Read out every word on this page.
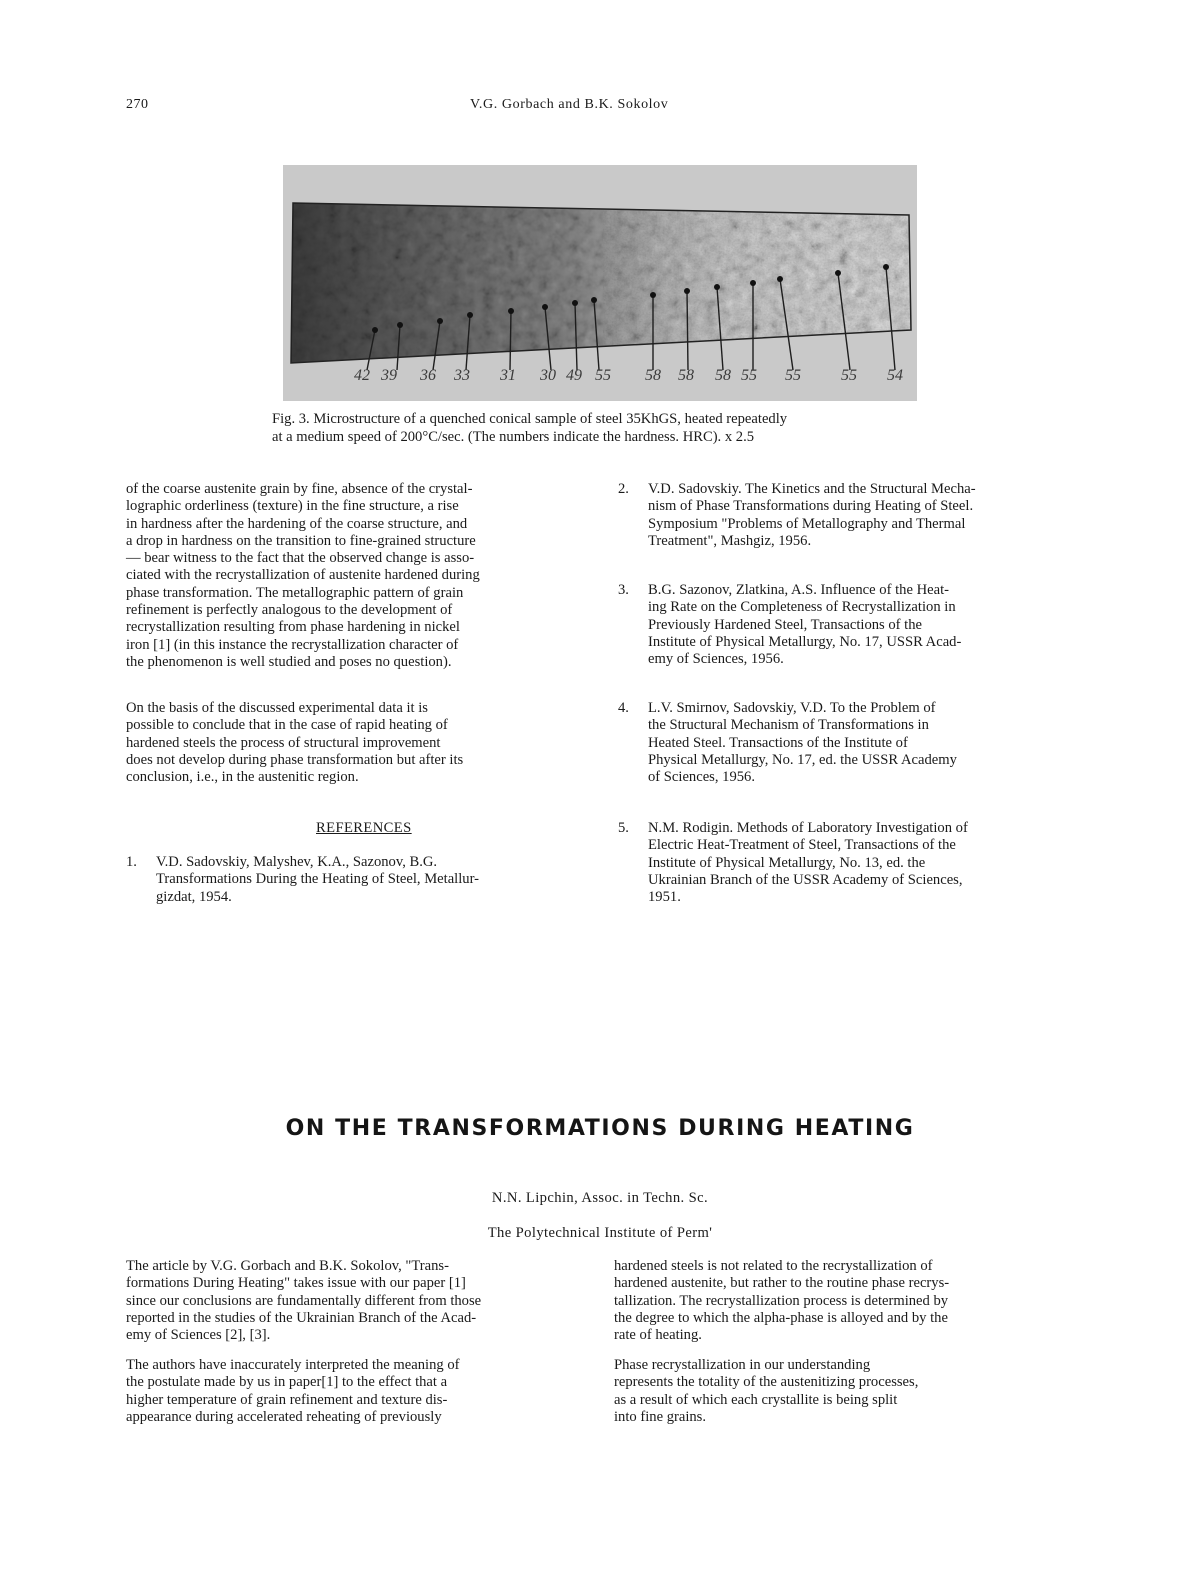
270	V.G. Gorbach and B.K. Sokolov
42 39 36 33 31 30 49 55 58 58 58 55 55	55 54
Fig. 3. Microstructure of a quenched conical sample of steel 35KhGS, heated repeatedly
at a medium speed of 200°C/sec. (The numbers indicate the hardness. HRC). x 2.5

of the coarse austenite grain by fine, absence of the crystal-
lographic orderliness (texture) in the fine structure, a rise
in hardness after the hardening of the coarse structure, and
a drop in hardness on the transition to fine-grained structure
— bear witness to the fact that the observed change is asso-
ciated with the recrystallization of austenite hardened during
phase transformation. The metallographic pattern of grain
refinement is perfectly analogous to the development of
recrystallization resulting from phase hardening in nickel
iron [1] (in this instance the recrystallization character of
the phenomenon is well studied and poses no question).

On the basis of the discussed experimental data it is
possible to conclude that in the case of rapid heating of
hardened steels the process of structural improvement
does not develop during phase transformation but after its
conclusion, i.e., in the austenitic region.

REFERENCES
1.	V.D. Sadovskiy, Malyshev, K.A., Sazonov, B.G.
Transformations During the Heating of Steel, Metallur-
gizdat, 1954.
2.	V.D. Sadovskiy. The Kinetics and the Structural Mecha-
nism of Phase Transformations during Heating of Steel.
Symposium "Problems of Metallography and Thermal
Treatment", Mashgiz, 1956.
3.	B.G. Sazonov, Zlatkina, A.S. Influence of the Heat-
ing Rate on the Completeness of Recrystallization in
Previously Hardened Steel, Transactions of the
Institute of Physical Metallurgy, No. 17, USSR Acad-
emy of Sciences, 1956.
4.	L.V. Smirnov, Sadovskiy, V.D. To the Problem of
the Structural Mechanism of Transformations in
Heated Steel. Transactions of the Institute of
Physical Metallurgy, No. 17, ed. the USSR Academy
of Sciences, 1956.
5.	N.M. Rodigin. Methods of Laboratory Investigation of
Electric Heat-Treatment of Steel, Transactions of the
Institute of Physical Metallurgy, No. 13, ed. the
Ukrainian Branch of the USSR Academy of Sciences,
1951.
ON THE TRANSFORMATIONS DURING HEATING
N.N. Lipchin, Assoc. in Techn. Sc.
The Polytechnical Institute of Perm'

The article by V.G. Gorbach and B.K. Sokolov, "Trans-
formations During Heating" takes issue with our paper [1]
since our conclusions are fundamentally different from those
reported in the studies of the Ukrainian Branch of the Acad-
emy of Sciences [2], [3].

The authors have inaccurately interpreted the meaning of
the postulate made by us in paper[1] to the effect that a
higher temperature of grain refinement and texture dis-
appearance during accelerated reheating of previously

hardened steels is not related to the recrystallization of
hardened austenite, but rather to the routine phase recrys-
tallization. The recrystallization process is determined by
the degree to which the alpha-phase is alloyed and by the
rate of heating.

Phase recrystallization in our understanding
represents the totality of the austenitizing processes,
as a result of which each crystallite is being split
into fine grains.
